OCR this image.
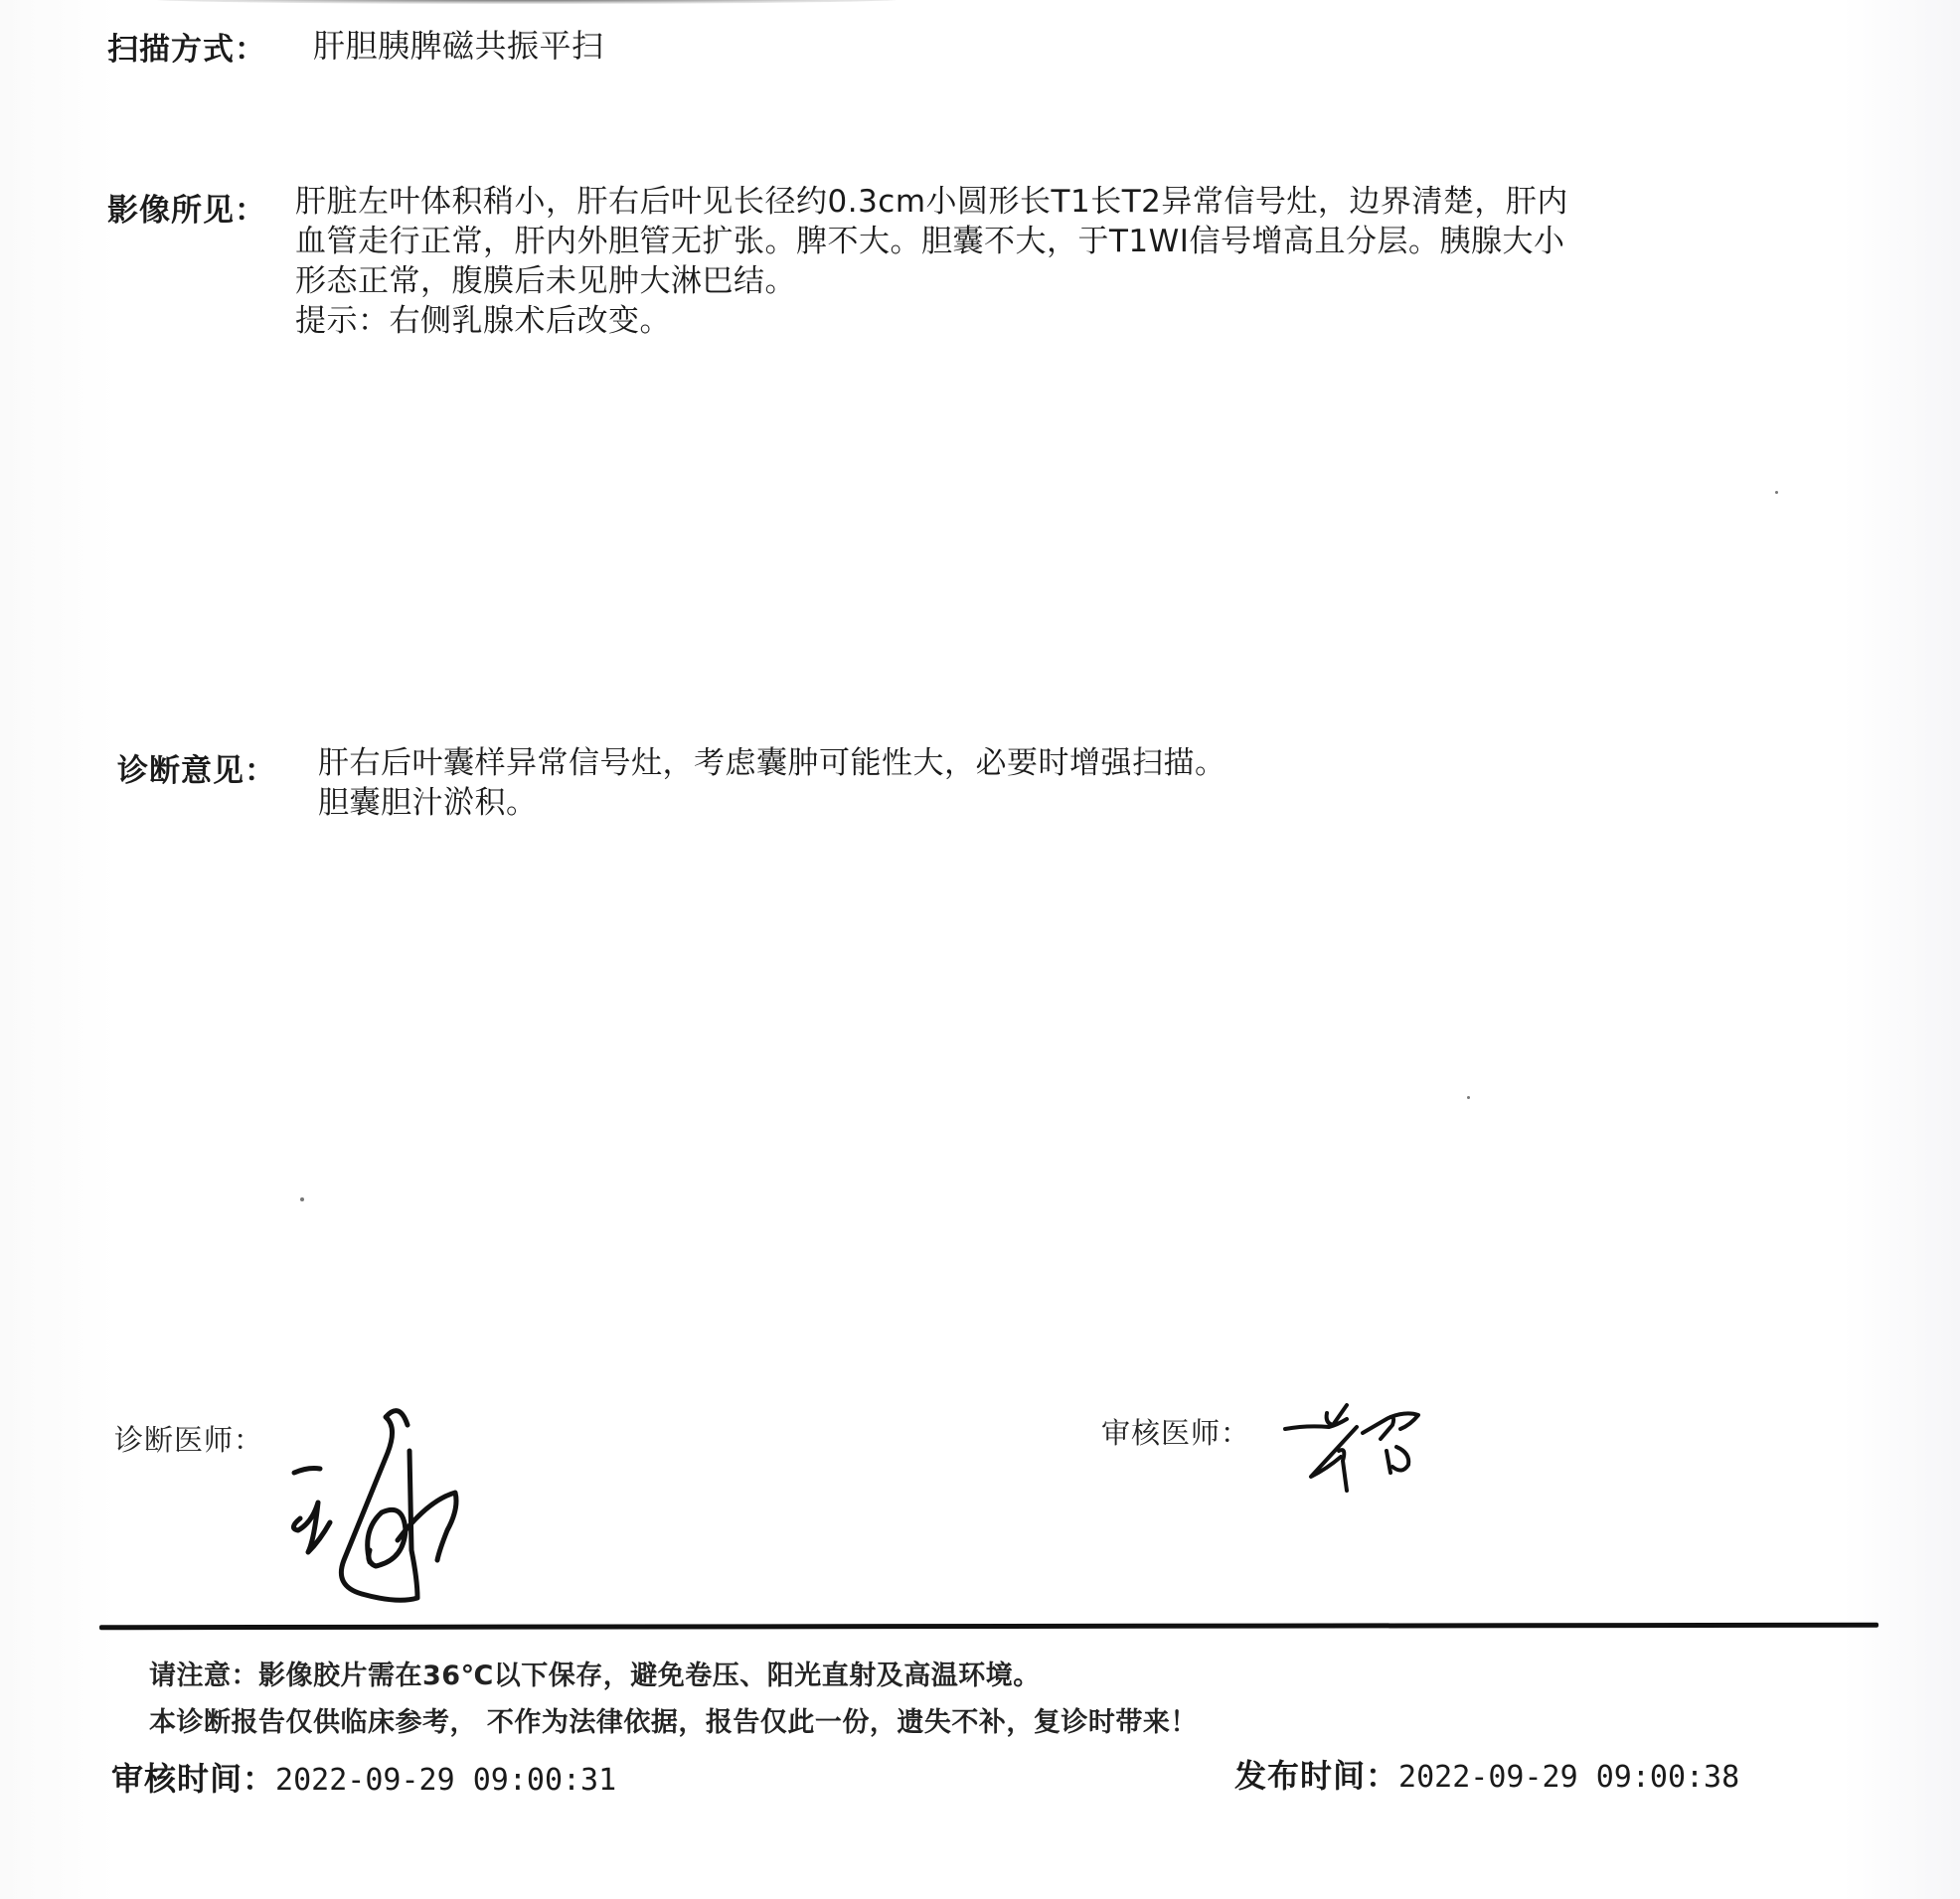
扫描方式： 肝胆胰脾磁共振平扫
影像所见： 肝脏左叶体积稍小，肝右后叶见长径约0.3cm小圆形长T1长T2异常信号灶，边界清楚，肝内
血管走行正常，肝内外胆管无扩张。脾不大。胆囊不大，于T1WI信号增高且分层。胰腺大小
形态正常，腹膜后未见肿大淋巴结。
提示：右侧乳腺术后改变。
诊断意见： 肝右后叶囊样异常信号灶，考虑囊肿可能性大，必要时增强扫描。
胆囊胆汁淤积。
诊断医师：	审核医师：
请注意：影像胶片需在36℃以下保存，避免卷压、阳光直射及高温环境。
本诊断报告仅供临床参考， 不作为法律依据，报告仅此一份，遗失不补，复诊时带来！
审核时间：2022-09-29 09:00:31	发布时间：2022-09-29 09:00:38
